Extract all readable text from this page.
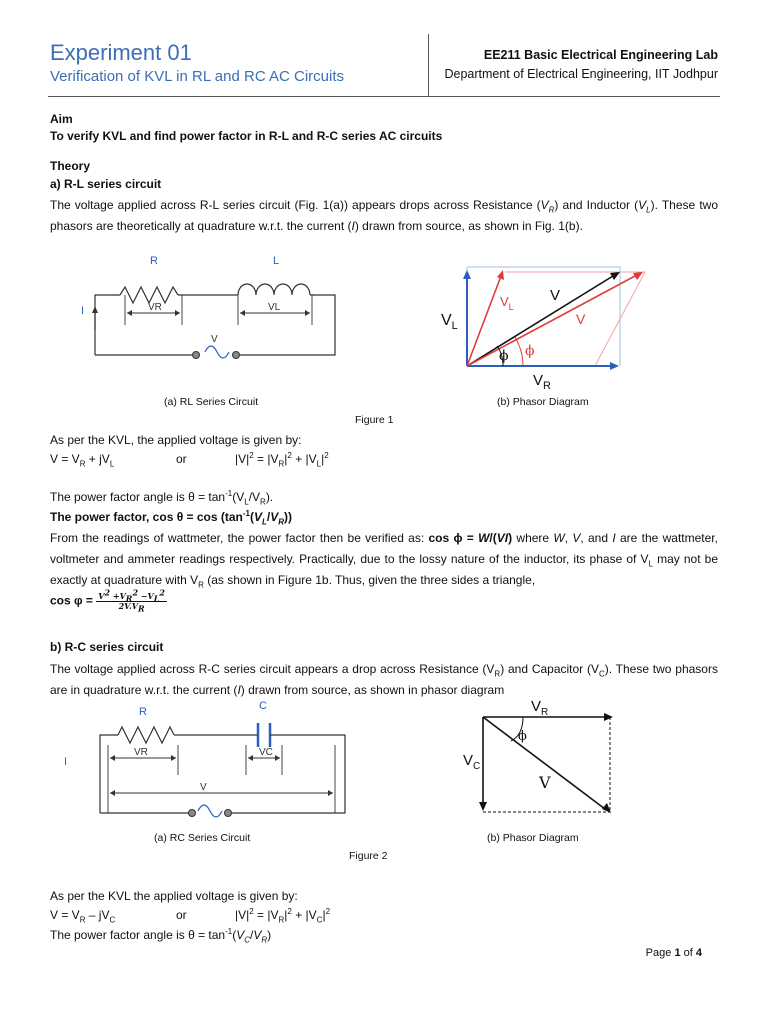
Experiment 01
Verification of KVL in RL and RC AC Circuits
EE211 Basic Electrical Engineering Lab
Department of Electrical Engineering, IIT Jodhpur
Aim
To verify KVL and find power factor in R-L and R-C series AC circuits
Theory
a) R-L series circuit
The voltage applied across R-L series circuit (Fig. 1(a)) appears drops across Resistance $(V_R)$ and Inductor $(V_L)$. These two phasors are theoretically at quadrature w.r.t. the current (I) drawn from source, as shown in Fig. 1(b).
R	L
I	VR	VL
V
$V_L$
$V_L$
V
V
ϕ ϕ
$V_R$
(a) RL Series Circuit	(b) Phasor Diagram
Figure 1
As per the KVL, the applied voltage is given by:
$V = V_R + jV_L$	or	$|V|^2 = |V_R|^2 + |V_L|^2$
The power factor angle is $\theta = \tan^{-1}(V_L/V_R)$.
The power factor, $\cos \theta = \cos (\tan^{-1}(V_L/V_R))$
From the readings of wattmeter, the power factor then be verified as: cos ϕ = W/(VI) where W, V, and I are the wattmeter, voltmeter and ammeter readings respectively. Practically, due to the lossy nature of the inductor, its phase of $V_L$ may not be exactly at quadrature with $V_R$ (as shown in Figure 1b. Thus, given the three sides a triangle,
$\cos \varphi = \frac{V^2 +V_R^2 -V_L^2}{2V.V_R}$
b) R-C series circuit
The voltage applied across R-C series circuit appears a drop across Resistance $(V_R)$ and Capacitor $(V_C)$. These two phasors are in quadrature w.r.t. the current (I) drawn from source, as shown in phasor diagram
R	C
I
VR	VC
V
$V_R$
$V_C$
V
ϕ
(a) RC Series Circuit	(b) Phasor Diagram
Figure 2
As per the KVL the applied voltage is given by:
$V = V_R - jV_C$	or	$|V|^2 = |V_R|^2 + |V_C|^2$
The power factor angle is $\theta = \tan^{-1}(V_C/V_R)$
Page 1 of 4
